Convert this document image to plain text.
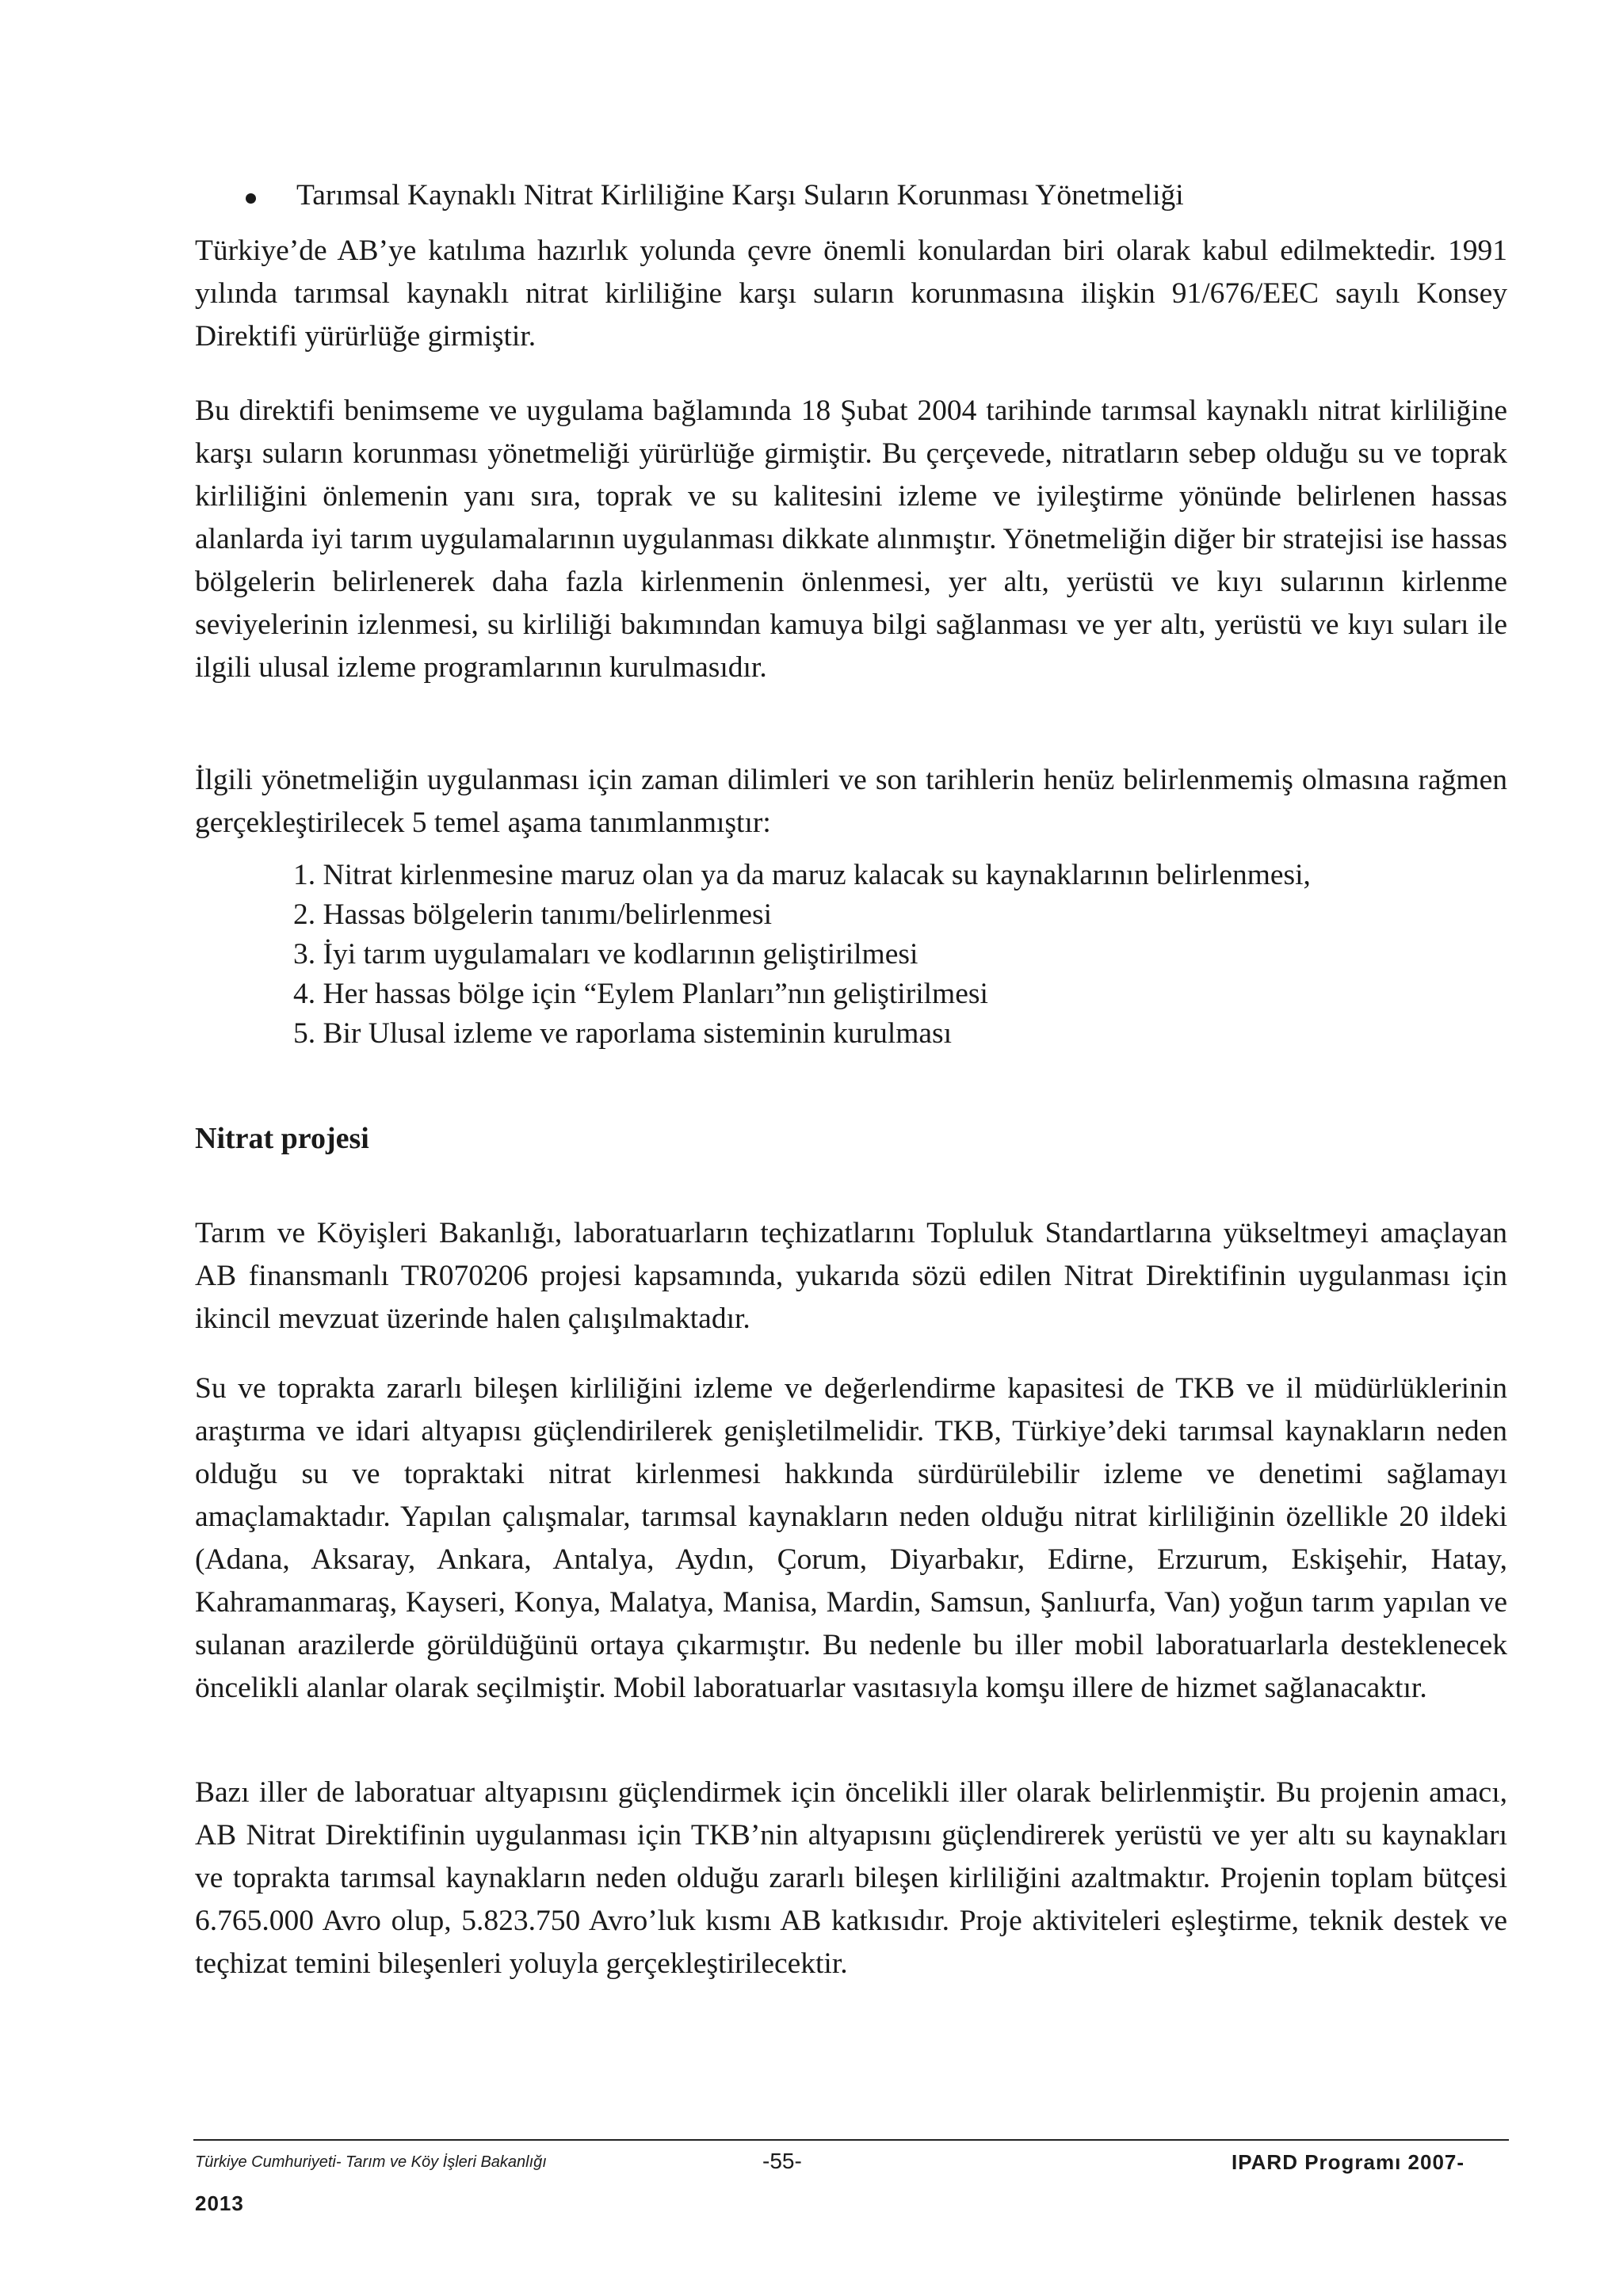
Tarımsal Kaynaklı Nitrat Kirliliğine Karşı Suların Korunması Yönetmeliği
Türkiye’de AB’ye katılıma hazırlık yolunda çevre önemli konulardan biri olarak kabul edilmektedir. 1991 yılında tarımsal kaynaklı nitrat kirliliğine karşı suların korunmasına ilişkin 91/676/EEC sayılı Konsey Direktifi yürürlüğe girmiştir.
Bu direktifi benimseme ve uygulama bağlamında 18 Şubat 2004 tarihinde tarımsal kaynaklı nitrat kirliliğine karşı suların korunması yönetmeliği yürürlüğe girmiştir. Bu çerçevede, nitratların sebep olduğu su ve toprak kirliliğini önlemenin yanı sıra, toprak ve su kalitesini izleme ve iyileştirme yönünde belirlenen hassas alanlarda iyi tarım uygulamalarının uygulanması dikkate alınmıştır. Yönetmeliğin diğer bir stratejisi ise hassas bölgelerin belirlenerek daha fazla kirlenmenin önlenmesi, yer altı, yerüstü ve kıyı sularının kirlenme seviyelerinin izlenmesi, su kirliliği bakımından kamuya bilgi sağlanması ve yer altı, yerüstü ve kıyı suları ile ilgili ulusal izleme programlarının kurulmasıdır.
İlgili yönetmeliğin uygulanması için zaman dilimleri ve son tarihlerin henüz belirlenmemiş olmasına rağmen gerçekleştirilecek 5 temel aşama tanımlanmıştır:
1. Nitrat kirlenmesine maruz olan ya da maruz kalacak su kaynaklarının belirlenmesi,
2. Hassas bölgelerin tanımı/belirlenmesi
3. İyi tarım uygulamaları ve kodlarının geliştirilmesi
4. Her hassas bölge için “Eylem Planları”nın geliştirilmesi
5. Bir Ulusal izleme ve raporlama sisteminin kurulması
Nitrat projesi
Tarım ve Köyişleri Bakanlığı, laboratuarların teçhizatlarını Topluluk Standartlarına yükseltmeyi amaçlayan AB finansmanlı TR070206 projesi kapsamında, yukarıda sözü edilen Nitrat Direktifinin uygulanması için ikincil mevzuat üzerinde halen çalışılmaktadır.
Su ve toprakta zararlı bileşen kirliliğini izleme ve değerlendirme kapasitesi de TKB ve il müdürlüklerinin araştırma ve idari altyapısı güçlendirilerek genişletilmelidir. TKB, Türkiye’deki tarımsal kaynakların neden olduğu su ve topraktaki nitrat kirlenmesi hakkında sürdürülebilir izleme ve denetimi sağlamayı amaçlamaktadır. Yapılan çalışmalar, tarımsal kaynakların neden olduğu nitrat kirliliğinin özellikle 20 ildeki (Adana, Aksaray, Ankara, Antalya, Aydın, Çorum, Diyarbakır, Edirne, Erzurum, Eskişehir, Hatay, Kahramanmaraş, Kayseri, Konya, Malatya, Manisa, Mardin, Samsun, Şanlıurfa, Van) yoğun tarım yapılan ve sulanan arazilerde görüldüğünü ortaya çıkarmıştır. Bu nedenle bu iller mobil laboratuarlarla desteklenecek öncelikli alanlar olarak seçilmiştir. Mobil laboratuarlar vasıtasıyla komşu illere de hizmet sağlanacaktır.
Bazı iller de laboratuar altyapısını güçlendirmek için öncelikli iller olarak belirlenmiştir. Bu projenin amacı, AB Nitrat Direktifinin uygulanması için TKB’nin altyapısını güçlendirerek yerüstü ve yer altı su kaynakları ve toprakta tarımsal kaynakların neden olduğu zararlı bileşen kirliliğini azaltmaktır. Projenin toplam bütçesi 6.765.000 Avro olup, 5.823.750 Avro’luk kısmı AB katkısıdır. Proje aktiviteleri eşleştirme, teknik destek ve teçhizat temini bileşenleri yoluyla gerçekleştirilecektir.
Türkiye Cumhuriyeti- Tarım ve Köy İşleri Bakanlığı	-55-	IPARD Programı 2007-
2013
